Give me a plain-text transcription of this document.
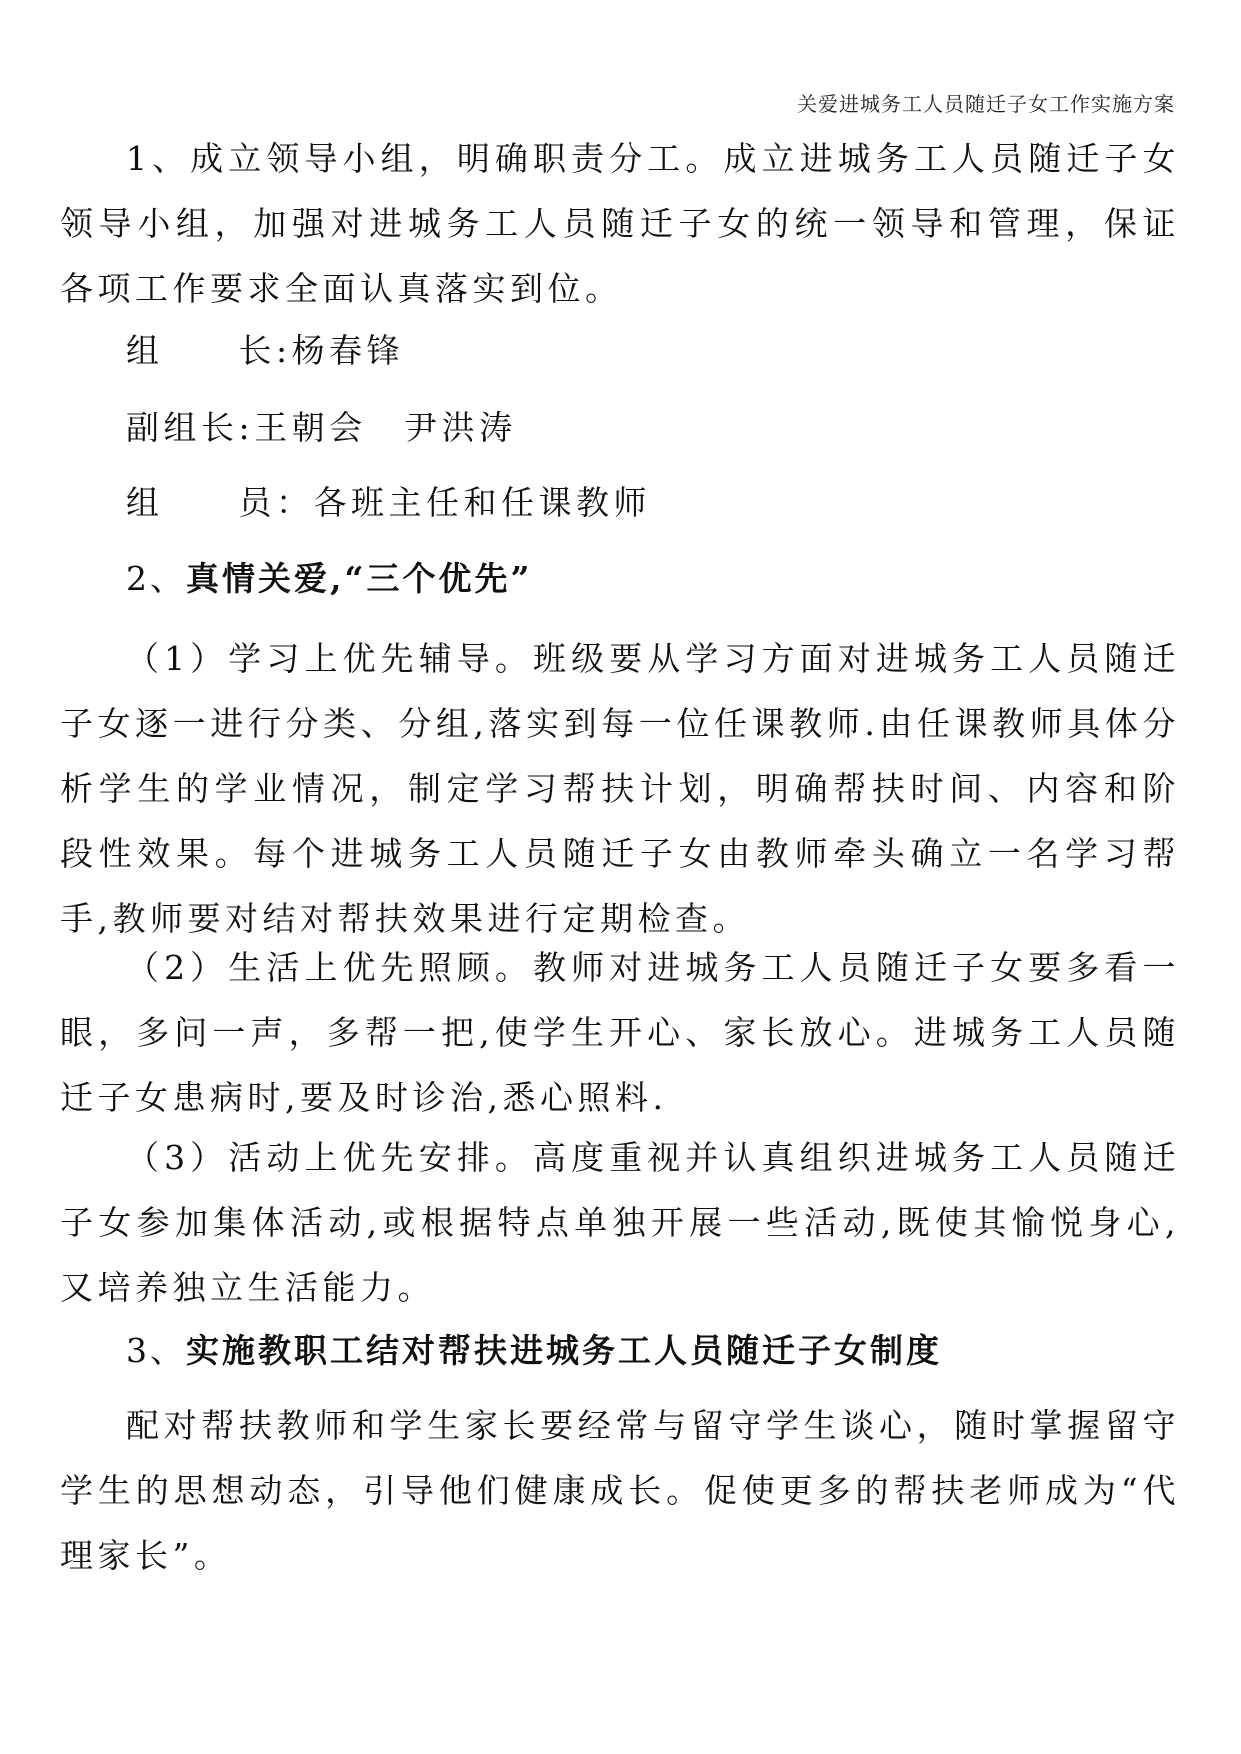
关爱进城务工人员随迁子女工作实施方案

1、成立领导小组，明确职责分工。成立进城务工人员随迁子女领导小组，加强对进城务工人员随迁子女的统一领导和管理，保证各项工作要求全面认真落实到位。

组　　长:杨春锋
副组长:王朝会　尹洪涛
组　　员：各班主任和任课教师
2、真情关爱,“三个优先”

（1）学习上优先辅导。班级要从学习方面对进城务工人员随迁子女逐一进行分类、分组,落实到每一位任课教师.由任课教师具体分析学生的学业情况，制定学习帮扶计划，明确帮扶时间、内容和阶段性效果。每个进城务工人员随迁子女由教师牵头确立一名学习帮手,教师要对结对帮扶效果进行定期检查。

（2）生活上优先照顾。教师对进城务工人员随迁子女要多看一眼，多问一声，多帮一把,使学生开心、家长放心。进城务工人员随迁子女患病时,要及时诊治,悉心照料.

（3）活动上优先安排。高度重视并认真组织进城务工人员随迁子女参加集体活动,或根据特点单独开展一些活动,既使其愉悦身心,又培养独立生活能力。

3、实施教职工结对帮扶进城务工人员随迁子女制度

配对帮扶教师和学生家长要经常与留守学生谈心，随时掌握留守学生的思想动态，引导他们健康成长。促使更多的帮扶老师成为“代理家长”。
